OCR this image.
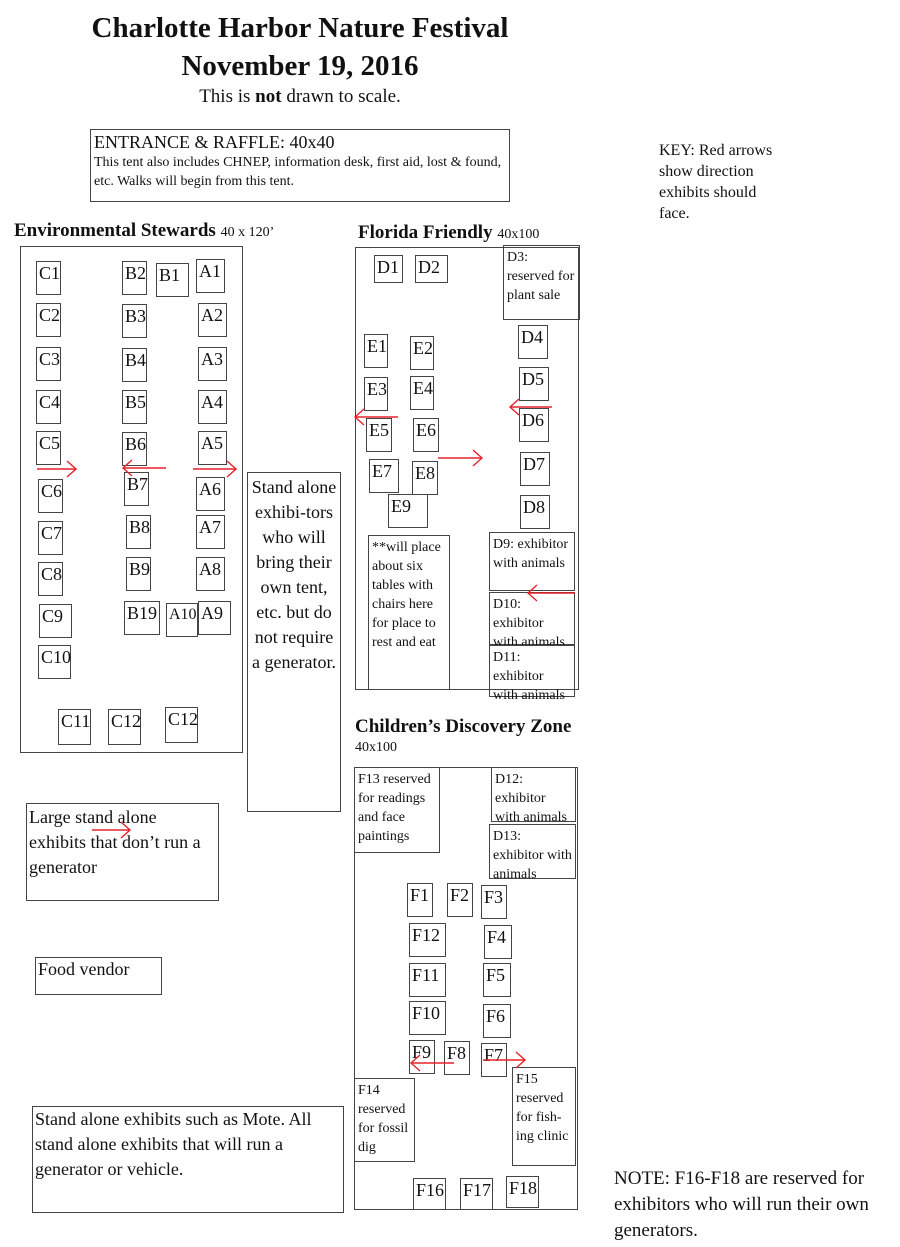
Charlotte Harbor Nature Festival
November 19, 2016
This is not drawn to scale.
ENTRANCE & RAFFLE: 40x40
This tent also includes CHNEP, information desk, first aid, lost & found, etc. Walks will begin from this tent.
KEY: Red arrows show direction exhibits should face.
Environmental Stewards 40 x 120’	Florida Friendly 40x100
Children’s Discovery Zone
40x100
C1
C2
C3
C4
C5
C6
C7
C8
C9
C10
C11 C12 C12
B2 B1
B3
B4
B5
B6
B7
B8
B9
B19
A1
A2
A3
A4
A5
A6
A7
A8
A10 A9
Stand alone exhibi-tors who will bring their own tent, etc. but do not require a generator.
D1 D2	D3: reserved for plant sale
D4
D5
D6
D7
D8
E1 E2
E3 E4
E5 E6
E7	E8
E9
**will place about six tables with chairs here for place to rest and eat
D9: exhibitor with animals
D10: exhibitor with animals
D11: exhibitor with animals
Large stand alone exhibits that don’t run a generator
Food vendor
Stand alone exhibits such as Mote. All stand alone exhibits that will run a generator or vehicle.
F13 reserved for readings and face paintings
D12: exhibitor with animals
D13: exhibitor with animals
F1 F2 F3
F12	F4
F11	F5
F10	F6
F9 F8 F7
F14 reserved for fossil dig
F15 reserved for fish-ing clinic
F16 F17 F18	NOTE: F16-F18 are reserved for exhibitors who will run their own generators.
